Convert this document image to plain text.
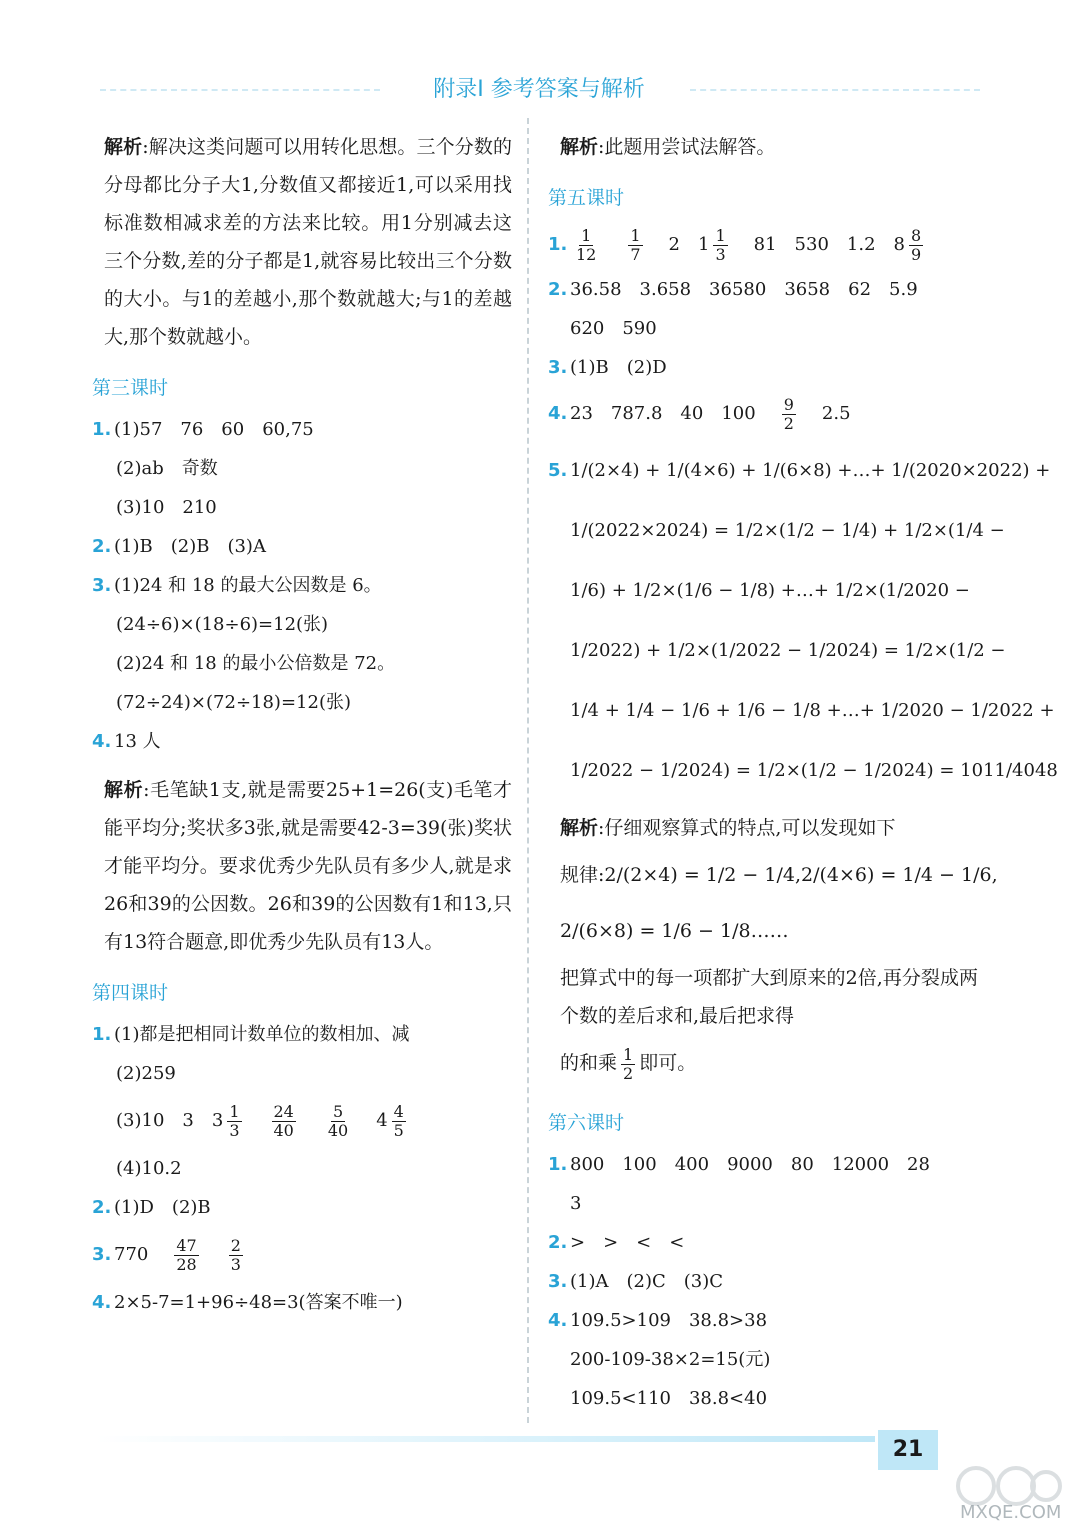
附录Ⅰ 参考答案与解析

解析:解决这类问题可以用转化思想。三个分数的分母都比分子大1,分数值又都接近1,可以采用找标准数相减求差的方法来比较。用1分别减去这三个分数,差的分子都是1,就容易比较出三个分数的大小。与1的差越小,那个数就越大;与1的差越大,那个数就越小。

第三课时
1. (1)57　76　60　60,75
(2)ab　奇数
(3)10　210
2. (1)B　(2)B　(3)A
3. (1)24 和 18 的最大公因数是 6。
(24÷6)×(18÷6)=12(张)
(2)24 和 18 的最小公倍数是 72。
(72÷24)×(72÷18)=12(张)
4. 13 人

解析:毛笔缺1支,就是需要25+1=26(支)毛笔才能平均分;奖状多3张,就是需要42-3=39(张)奖状才能平均分。要求优秀少先队员有多少人,就是求26和39的公因数。26和39的公因数有1和13,只有13符合题意,即优秀少先队员有13人。

第四课时
1. (1)都是把相同计数单位的数相加、减
(2)259
(3)10　3　$3 \frac{1}{3} \frac{24}{40} \frac{5}{40} 4 \frac{4}{5}$
(4)10.2
2. (1)D　(2)B
3. $770 \frac{47}{28} \frac{2}{3}$
4. 2×5-7=1+96÷48=3(答案不唯一)

解析:此题用尝试法解答。

第五课时
1. $\frac{1}{12} \frac{1}{7} 2$　$1 \frac{1}{3} 81$　530　1.2　$8 \frac{8}{9}$
2. 36.58　3.658　36580　3658　62　5.9
620　590
3. (1)B　(2)D
4. 23　787.8　40　$100 \frac{9}{2} 2.5$
5. 1/(2×4) + 1/(4×6) + 1/(6×8) +…+ 1/(2020×2022) +
1/(2022×2024) = 1/2×(1/2 − 1/4) + 1/2×(1/4 −
1/6) + 1/2×(1/6 − 1/8) +…+ 1/2×(1/2020 −
1/2022) + 1/2×(1/2022 − 1/2024) = 1/2×(1/2 −
1/4 + 1/4 − 1/6 + 1/6 − 1/8 +…+ 1/2020 − 1/2022 +
1/2022 − 1/2024) = 1/2×(1/2 − 1/2024) = 1011/4048
解析:仔细观察算式的特点,可以发现如下
规律:2/(2×4) = 1/2 − 1/4,2/(4×6) = 1/4 − 1/6,
2/(6×8) = 1/6 − 1/8……
把算式中的每一项都扩大到原来的2倍,再分裂成两个数的差后求和,最后把求得
的和乘 $\frac{1}{2}$ 即可。
第六课时
1. 800　100　400　9000　80　12000　28
3
2. >　>　<　<
3. (1)A　(2)C　(3)C
4. 109.5>109　38.8>38
200-109-38×2=15(元)
109.5<110　38.8<40
21
MXQE.COM
